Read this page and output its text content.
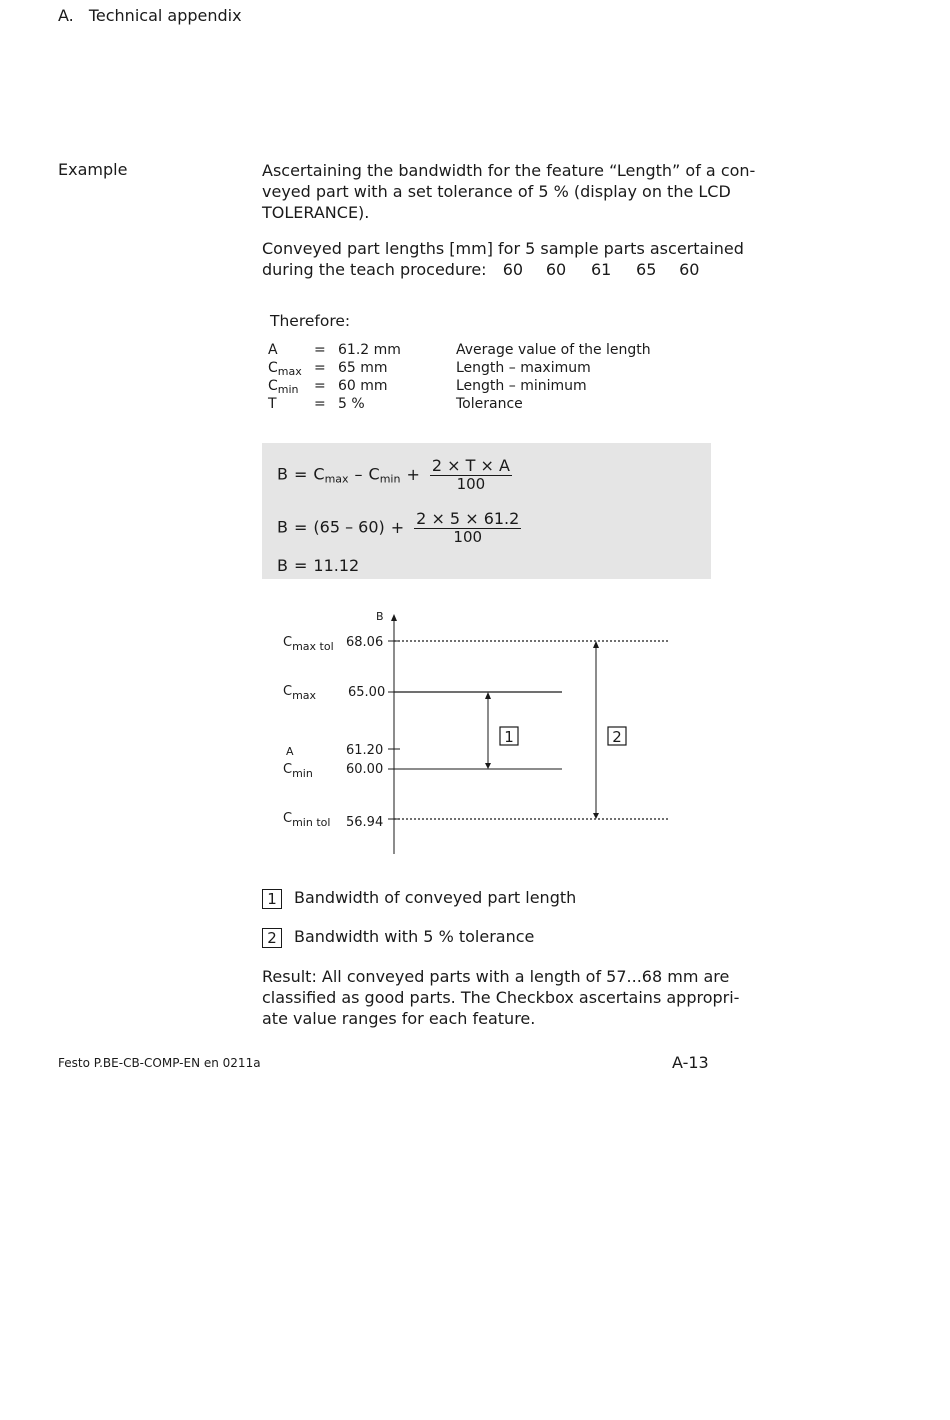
A. Technical appendix
Example	Ascertaining the bandwidth for the feature “Length” of a con-
veyed part with a set tolerance of 5 % (display on the LCD
TOLERANCE).
Conveyed part lengths [mm] for 5 sample parts ascertained
during the teach procedure: 60 60 61 65 60
Therefore:
A	=	61.2 mm	Average value of the length
$C_{max}$	=	65 mm	Length – maximum
$C_{min}$	=	60 mm	Length – minimum
T	=	5 %	Tolerance
$B = C_{max} - C_{min} + \frac{2 \times T \times A}{100}$
$B = (65 - 60) + \frac{2 \times 5 \times 61.2}{100}$
B = 11.12
B
68.06
65.00
61.20
60.00
56.94
$C_{max tol}$
$C_{max}$
A
$C_{min}$
$C_{min tol}$
1	2
1 Bandwidth of conveyed part length
2 Bandwidth with 5 % tolerance
Result: All conveyed parts with a length of 57...68 mm are
classified as good parts. The Checkbox ascertains appropri-
ate value ranges for each feature.
Festo P.BE-CB-COMP-EN en 0211a	A-13
